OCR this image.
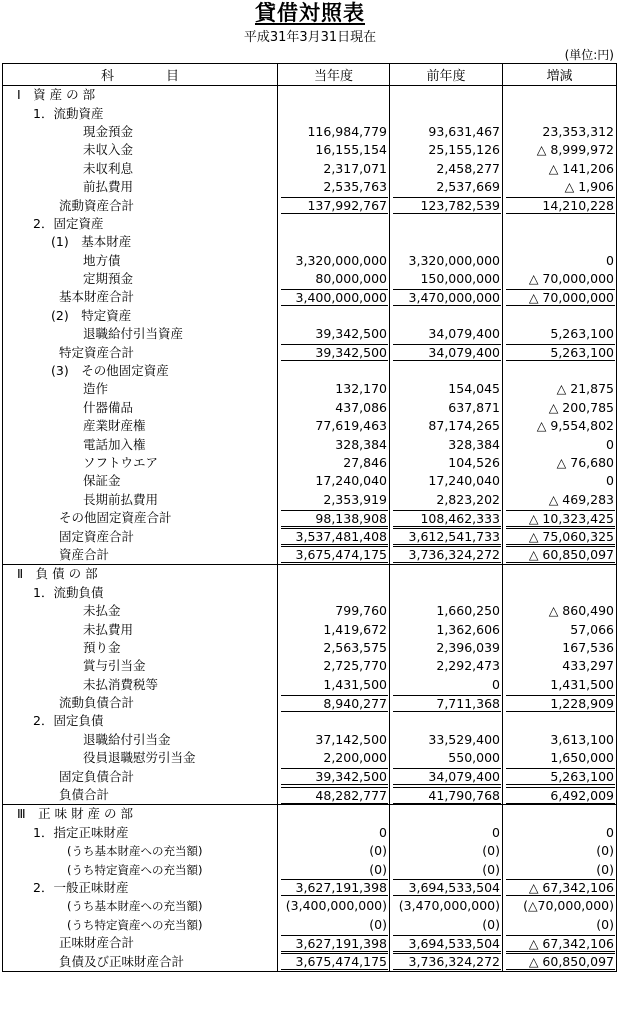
貸借対照表
平成31年3月31日現在
(単位:円)
科　　　　目	当年度	前年度	増減
Ⅰ　資 産 の 部			
1．流動資産			
現金預金	116,984,779	93,631,467	23,353,312
未収入金	16,155,154	25,155,126	△ 8,999,972
未収利息	2,317,071	2,458,277	△ 141,206
前払費用	2,535,763	2,537,669	△ 1,906
流動資産合計	137,992,767	123,782,539	14,210,228
2．固定資産			
(1)　基本財産			
地方債	3,320,000,000	3,320,000,000	0
定期預金	80,000,000	150,000,000	△ 70,000,000
基本財産合計	3,400,000,000	3,470,000,000	△ 70,000,000
(2)　特定資産			
退職給付引当資産	39,342,500	34,079,400	5,263,100
特定資産合計	39,342,500	34,079,400	5,263,100
(3)　その他固定資産			
造作	132,170	154,045	△ 21,875
什器備品	437,086	637,871	△ 200,785
産業財産権	77,619,463	87,174,265	△ 9,554,802
電話加入権	328,384	328,384	0
ソフトウエア	27,846	104,526	△ 76,680
保証金	17,240,040	17,240,040	0
長期前払費用	2,353,919	2,823,202	△ 469,283
その他固定資産合計	98,138,908	108,462,333	△ 10,323,425
固定資産合計	3,537,481,408	3,612,541,733	△ 75,060,325
資産合計	3,675,474,175	3,736,324,272	△ 60,850,097
Ⅱ　負 債 の 部			
1．流動負債			
未払金	799,760	1,660,250	△ 860,490
未払費用	1,419,672	1,362,606	57,066
預り金	2,563,575	2,396,039	167,536
賞与引当金	2,725,770	2,292,473	433,297
未払消費税等	1,431,500	0	1,431,500
流動負債合計	8,940,277	7,711,368	1,228,909
2．固定負債			
退職給付引当金	37,142,500	33,529,400	3,613,100
役員退職慰労引当金	2,200,000	550,000	1,650,000
固定負債合計	39,342,500	34,079,400	5,263,100
負債合計	48,282,777	41,790,768	6,492,009
Ⅲ　正 味 財 産 の 部			
1．指定正味財産	0	0	0
(うち基本財産への充当額)	(0)	(0)	(0)
(うち特定資産への充当額)	(0)	(0)	(0)
2．一般正味財産	3,627,191,398	3,694,533,504	△ 67,342,106
(うち基本財産への充当額)	(3,400,000,000)	(3,470,000,000)	(△70,000,000)
(うち特定資産への充当額)	(0)	(0)	(0)
正味財産合計	3,627,191,398	3,694,533,504	△ 67,342,106
負債及び正味財産合計	3,675,474,175	3,736,324,272	△ 60,850,097
